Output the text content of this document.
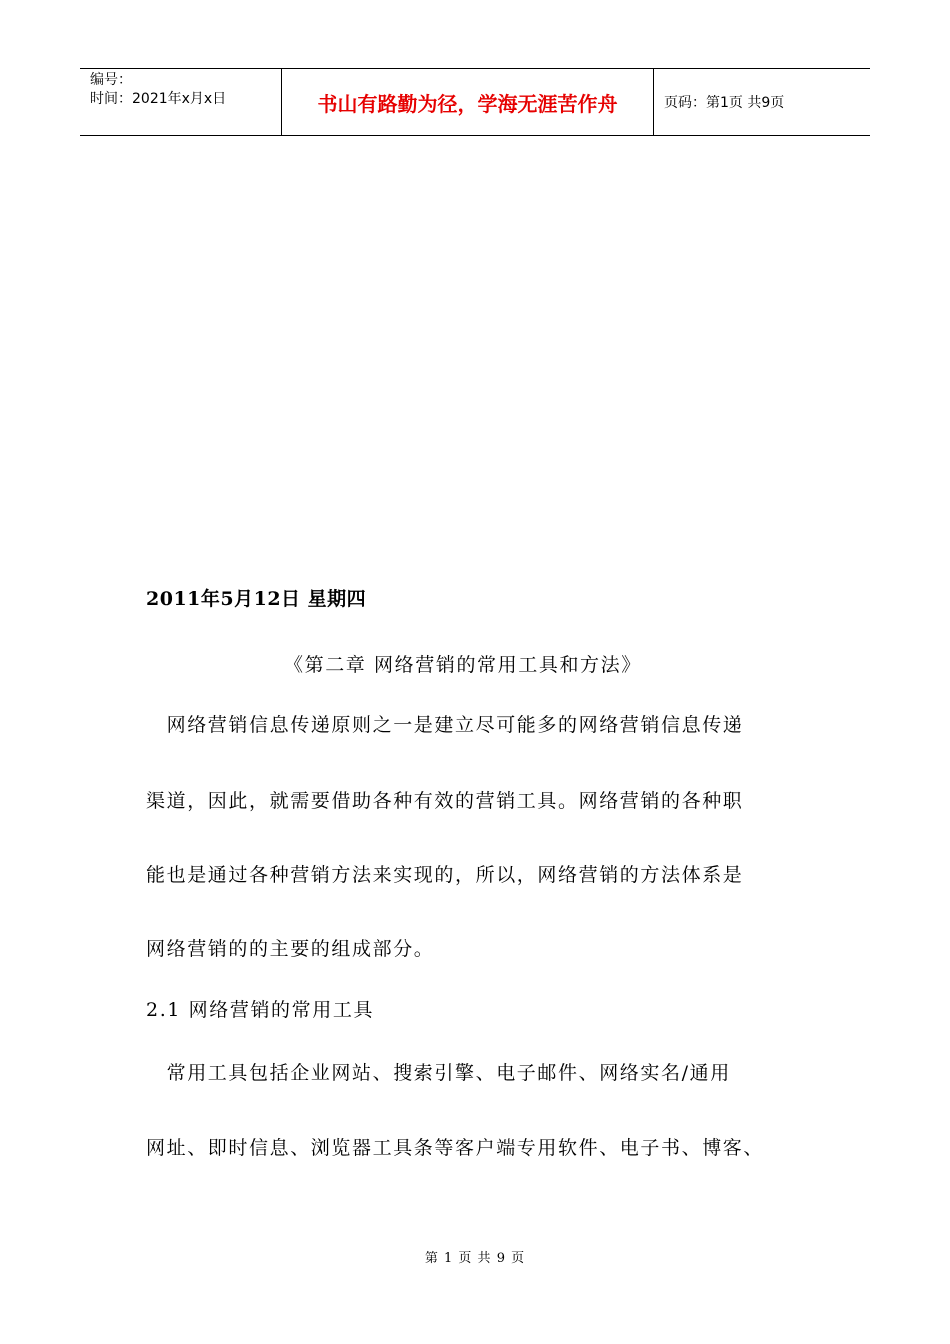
编号：
时间：2021年x月x日	书山有路勤为径，学海无涯苦作舟	页码：第1页 共9页
2011年5月12日 星期四
《第二章 网络营销的常用工具和方法》
　网络营销信息传递原则之一是建立尽可能多的网络营销信息传递
渠道，因此，就需要借助各种有效的营销工具。网络营销的各种职
能也是通过各种营销方法来实现的，所以，网络营销的方法体系是
网络营销的的主要的组成部分。
2.1 网络营销的常用工具
　常用工具包括企业网站、搜索引擎、电子邮件、网络实名/通用
网址、即时信息、浏览器工具条等客户端专用软件、电子书、博客、
第 1 页 共 9 页
